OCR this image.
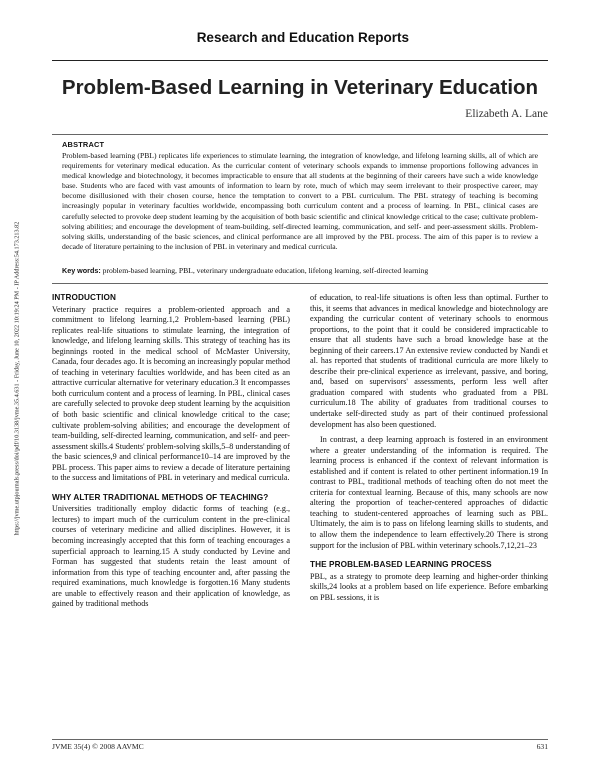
Research and Education Reports
Problem-Based Learning in Veterinary Education
Elizabeth A. Lane
ABSTRACT
Problem-based learning (PBL) replicates life experiences to stimulate learning, the integration of knowledge, and lifelong learning skills, all of which are requirements for veterinary medical education. As the curricular content of veterinary schools expands to immense proportions following advances in medical knowledge and biotechnology, it becomes impracticable to ensure that all students at the beginning of their careers have such a wide knowledge base. Students who are faced with vast amounts of information to learn by rote, much of which may seem irrelevant to their prospective career, may become disillusioned with their chosen course, hence the temptation to convert to a PBL curriculum. The PBL strategy of teaching is becoming increasingly popular in veterinary faculties worldwide, encompassing both curriculum content and a process of learning. In PBL, clinical cases are carefully selected to provoke deep student learning by the acquisition of both basic scientific and clinical knowledge critical to the case; cultivate problem-solving abilities; and encourage the development of team-building, self-directed learning, communication, and self- and peer-assessment skills. Problem-solving skills, understanding of the basic sciences, and clinical performance are all improved by the PBL process. The aim of this paper is to review a decade of literature pertaining to the inclusion of PBL in veterinary and medical curricula.
Key words: problem-based learning, PBL, veterinary undergraduate education, lifelong learning, self-directed learning
INTRODUCTION

Veterinary practice requires a problem-oriented approach and a commitment to lifelong learning.1,2 Problem-based learning (PBL) replicates real-life situations to stimulate learning, the integration of knowledge, and lifelong learning skills. This strategy of teaching has its beginnings rooted in the medical school of McMaster University, Canada, four decades ago. It is becoming an increasingly popular method of teaching in veterinary faculties worldwide, and has been cited as an attractive curricular alternative for veterinary education.3 It encompasses both curriculum content and a process of learning. In PBL, clinical cases are carefully selected to provoke deep student learning by the acquisition of both basic scientific and clinical knowledge critical to the case; cultivate problem-solving abilities; and encourage the development of team-building, self-directed learning, communication, and self- and peer-assessment skills.4 Students' problem-solving skills,5–8 understanding of the basic sciences,9 and clinical performance10–14 are improved by the PBL process. This paper aims to review a decade of literature pertaining to the success and limitations of PBL in veterinary and medical curricula.

WHY ALTER TRADITIONAL METHODS OF TEACHING?

Universities traditionally employ didactic forms of teaching (e.g., lectures) to impart much of the curriculum content in the pre-clinical courses of veterinary medicine and allied disciplines. However, it is becoming increasingly accepted that this form of teaching encourages a superficial approach to learning.15 A study conducted by Levine and Forman has suggested that students retain the least amount of information from this type of teaching encounter and, after passing the required examinations, much knowledge is forgotten.16 Many students are unable to effectively reason and their application of knowledge, as gained by traditional methods

of education, to real-life situations is often less than optimal. Further to this, it seems that advances in medical knowledge and biotechnology are expanding the curricular content of veterinary schools to enormous proportions, to the point that it could be considered impracticable to ensure that all students have such a broad knowledge base at the beginning of their careers.17 An extensive review conducted by Nandi et al. has reported that students of traditional curricula are more likely to describe their pre-clinical experience as irrelevant, passive, and boring, and, based on supervisors' assessments, perform less well after graduation compared with students who graduated from a PBL curriculum.18 The ability of graduates from traditional courses to undertake self-directed study as part of their continued professional development has also been questioned.

In contrast, a deep learning approach is fostered in an environment where a greater understanding of the information is required. The learning process is enhanced if the context of relevant information is established and if content is related to other pertinent information.19 In contrast to PBL, traditional methods of teaching often do not meet the criteria for contextual learning. Because of this, many schools are now altering the proportion of teacher-centered approaches of didactic teaching to student-centered approaches of learning such as PBL. Ultimately, the aim is to pass on lifelong learning skills to students, and to allow them the independence to learn effectively.20 There is strong support for the inclusion of PBL within veterinary schools.7,12,21–23

THE PROBLEM-BASED LEARNING PROCESS

PBL, as a strategy to promote deep learning and higher-order thinking skills,24 looks at a problem based on life experience. Before embarking on PBL sessions, it is

https://jvme.utpjournals.press/doi/pdf/10.3138/jvme.35.4.631 - Friday, June 10, 2022 10:19:24 PM - IP Address:54.173.213.82
JVME 35(4) © 2008 AAVMC	631
